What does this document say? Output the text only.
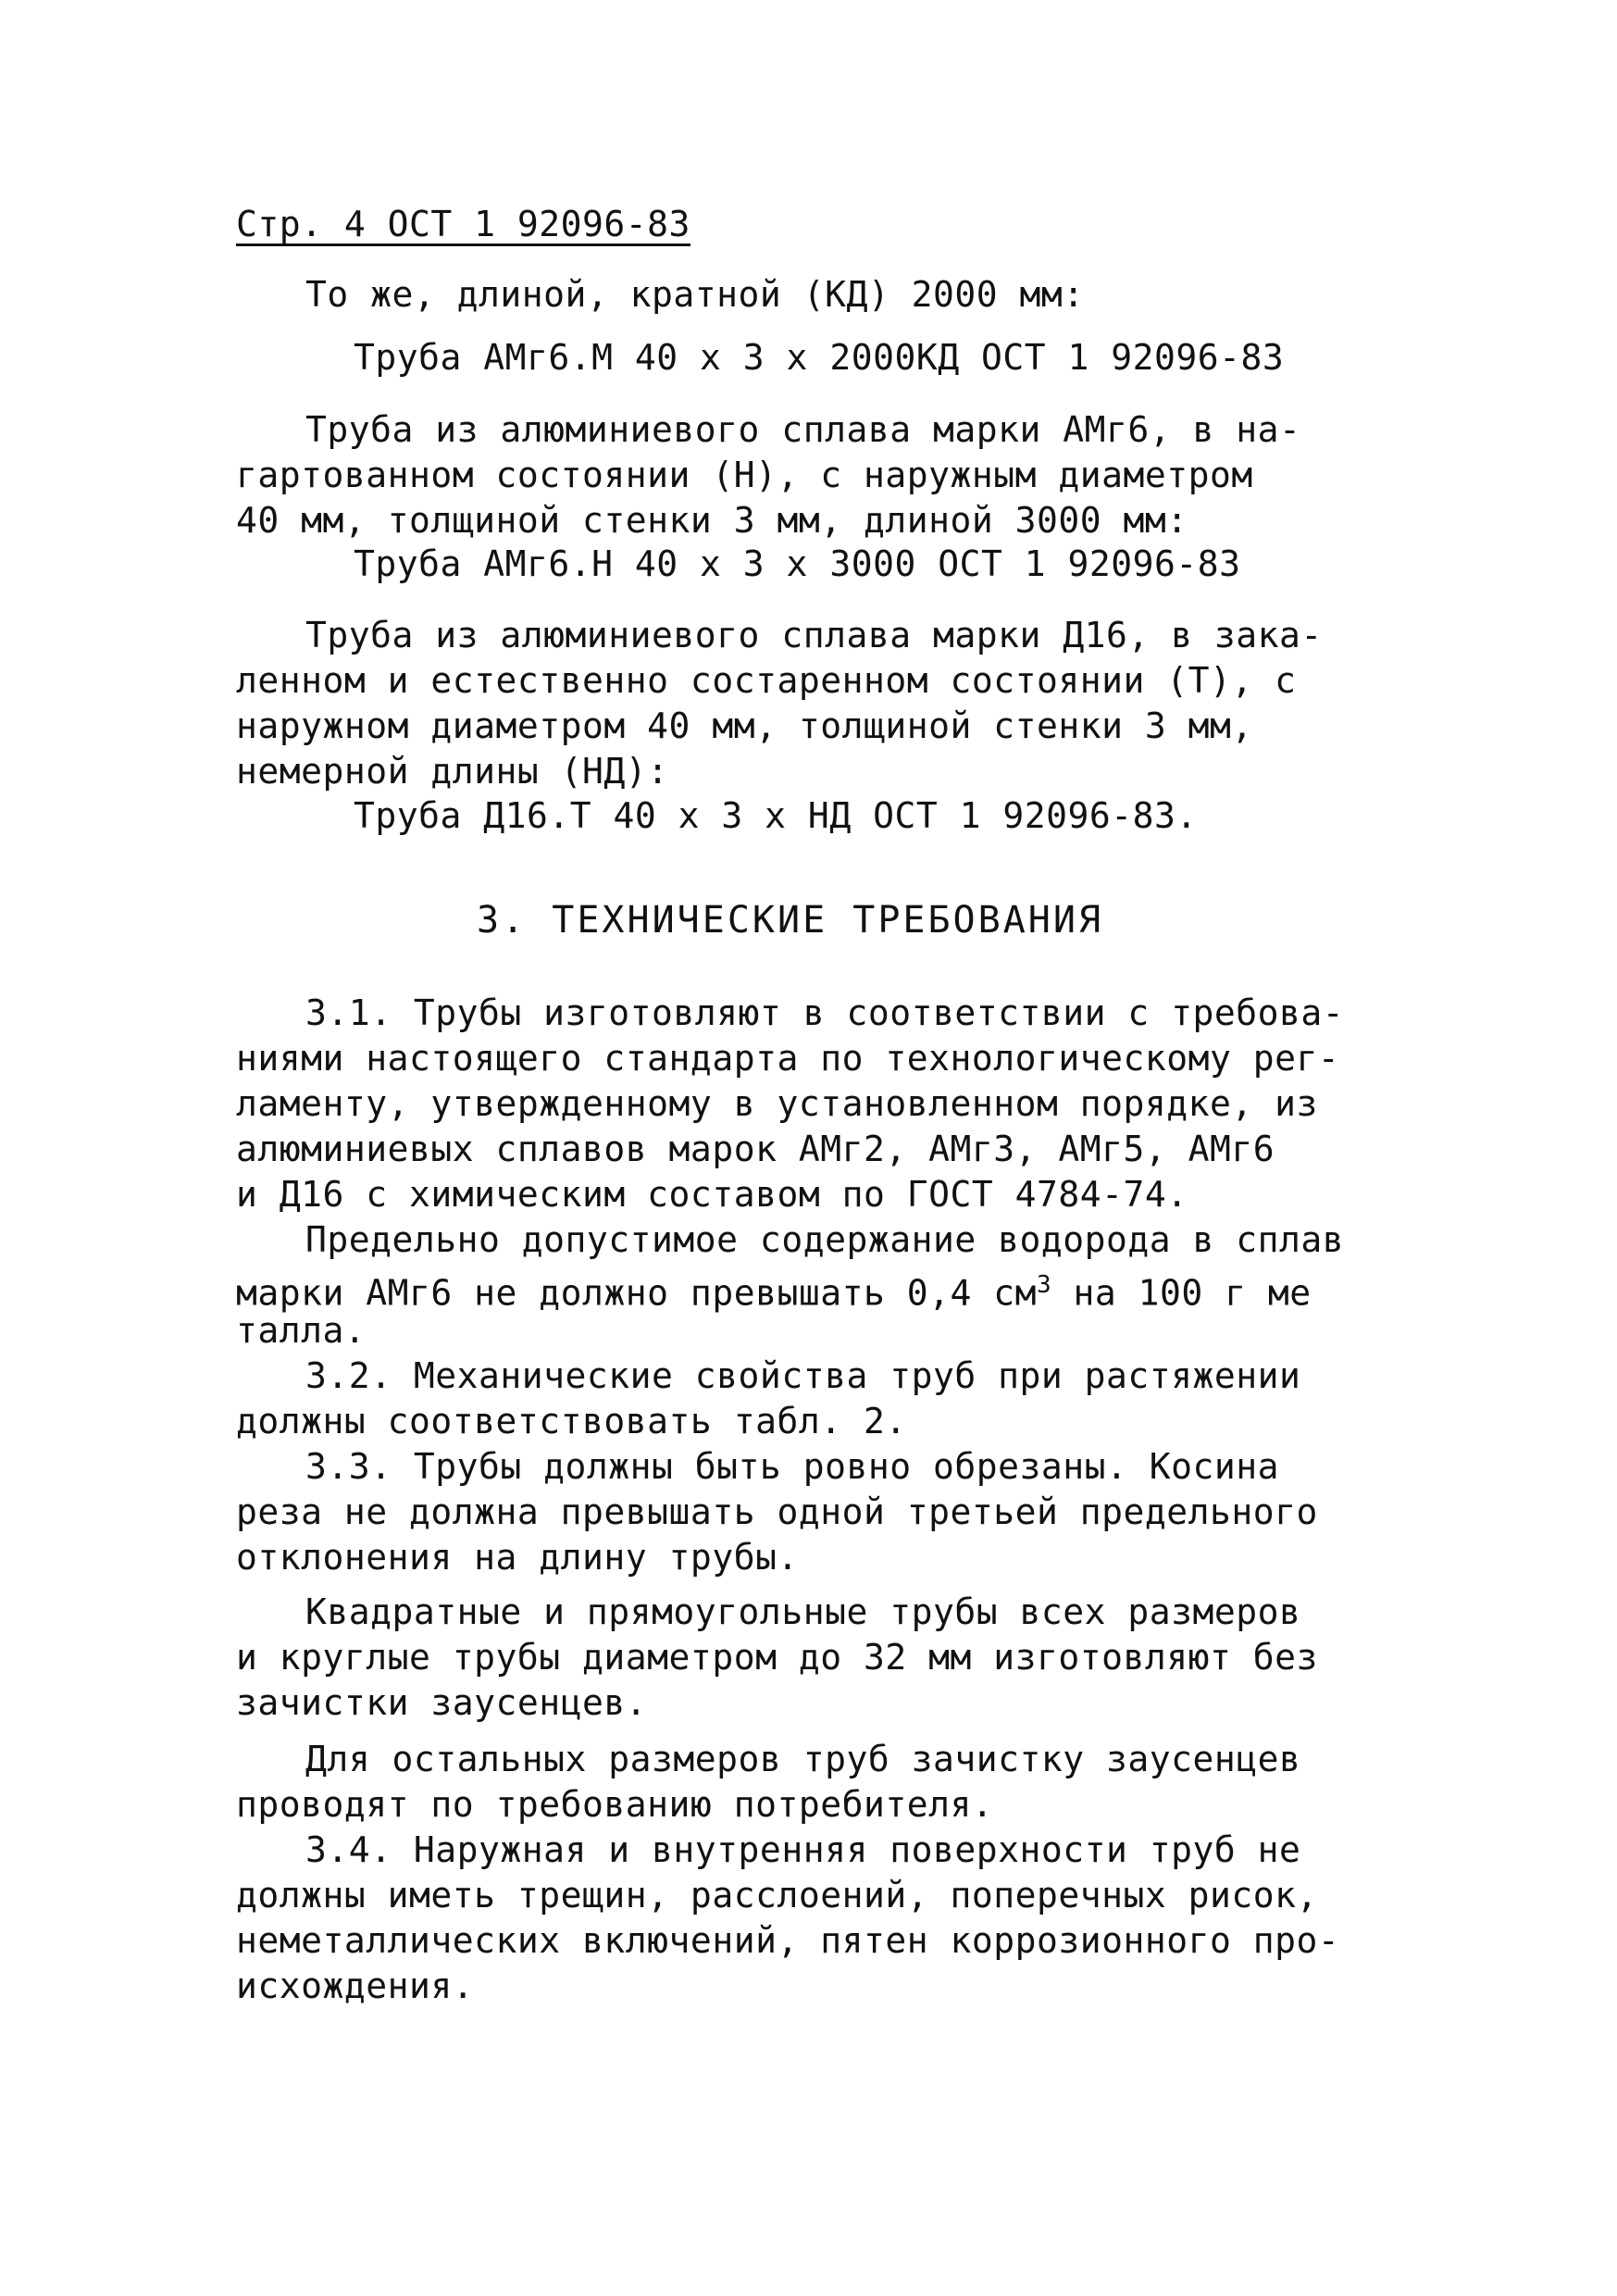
Стр. 4 ОСТ 1 92096-83
То же, длиной, кратной (КД) 2000 мм:
Труба АМг6.М 40 х 3 х 2000КД ОСТ 1 92096-83
Труба из алюминиевого сплава марки АМг6, в на-
гартованном состоянии (Н), с наружным диаметром
40 мм, толщиной стенки 3 мм, длиной 3000 мм:
Труба АМг6.Н 40 х 3 х 3000 ОСТ 1 92096-83
Труба из алюминиевого сплава марки Д16, в зака-
ленном и естественно состаренном состоянии (Т), с
наружном диаметром 40 мм, толщиной стенки 3 мм,
немерной длины (НД):
Труба Д16.Т 40 х 3 х НД ОСТ 1 92096-83.
3. ТЕХНИЧЕСКИЕ ТРЕБОВАНИЯ
3.1. Трубы изготовляют в соответствии с требова-
ниями настоящего стандарта по технологическому рег-
ламенту, утвержденному в установленном порядке, из
алюминиевых сплавов марок АМг2, АМг3, АМг5, АМг6
и Д16 с химическим составом по ГОСТ 4784-74.
Предельно допустимое содержание водорода в сплав
марки АМг6 не должно превышать 0,4 $см^3$ на 100 г ме
талла.
3.2. Механические свойства труб при растяжении
должны соответствовать табл. 2.
3.3. Трубы должны быть ровно обрезаны. Косина
реза не должна превышать одной третьей предельного
отклонения на длину трубы.
Квадратные и прямоугольные трубы всех размеров
и круглые трубы диаметром до 32 мм изготовляют без
зачистки заусенцев.
Для остальных размеров труб зачистку заусенцев
проводят по требованию потребителя.
3.4. Наружная и внутренняя поверхности труб не
должны иметь трещин, расслоений, поперечных рисок,
неметаллических включений, пятен коррозионного про-
исхождения.
